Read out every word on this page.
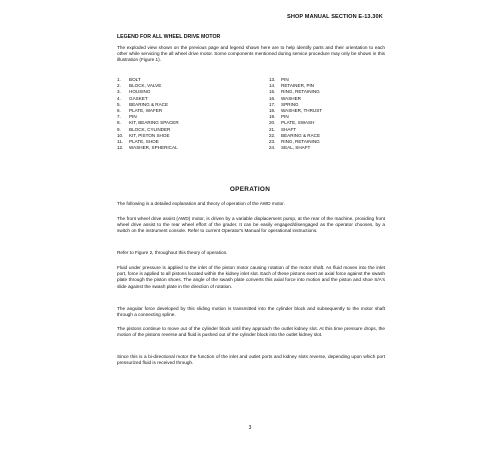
SHOP MANUAL SECTION E-13.30K
LEGEND FOR ALL WHEEL DRIVE MOTOR
The exploded view shown on the previous page and legend shown here are to help identify parts and their orientation to each other while servicing the all wheel drive motor. Some components mentioned during service procedure may only be shown in this illustration (Figure 1).
1. BOLT
2. BLOCK, VALVE
3. HOUSING
4. GASKET
5. BEARING & RACE
6. PLATE, WAFER
7. PIN
8. KIT, BEARING SPACER
9. BLOCK, CYLINDER
10. KIT, PISTON SHOE
11. PLATE, SHOE
12. WASHER, SPHERICAL
13. PIN
14. RETAINER, PIN
15. RING, RETAINING
16. WASHER
17. SPRING
18. WASHER, THRUST
19. PIN
20. PLATE, SWASH
21. SHAFT
22. BEARING & RACE
23. RING, RETAINING
24. SEAL, SHAFT
OPERATION
The following is a detailed explanation and theory of operation of the AWD motor.
The front wheel drive assist (AWD) motor, is driven by a variable displacement pump, at the rear of the machine, providing front wheel drive assist to the rear wheel effort of the grader. It can be easily engaged/disengaged as the operator chooses, by a switch on the instrument console. Refer to current Operator's Manual for operational instructions.
Refer to Figure 2, throughout this theory of operation.
Fluid under pressure is applied to the inlet of the piston motor causing rotation of the motor shaft. As fluid moves into the inlet port, force is applied to all pistons located within the kidney inlet slot. Each of these pistons exert an axial force against the swash plate through the piston shoes. The angle of the swash plate converts this axial force into motion and the piston and shoe S/A's slide against the swash plate in the direction of rotation.
The angular force developed by this sliding motion is transmitted into the cylinder block and subsequently to the motor shaft through a connecting spline.
The pistons continue to move out of the cylinder block until they approach the outlet kidney slot. At this time pressure drops, the motion of the pistons reverse and fluid is pushed out of the cylinder block into the outlet kidney slot.
Since this is a bi-directional motor the function of the inlet and outlet ports and kidney slots reverse, depending upon which port pressurized fluid is received through.
3
